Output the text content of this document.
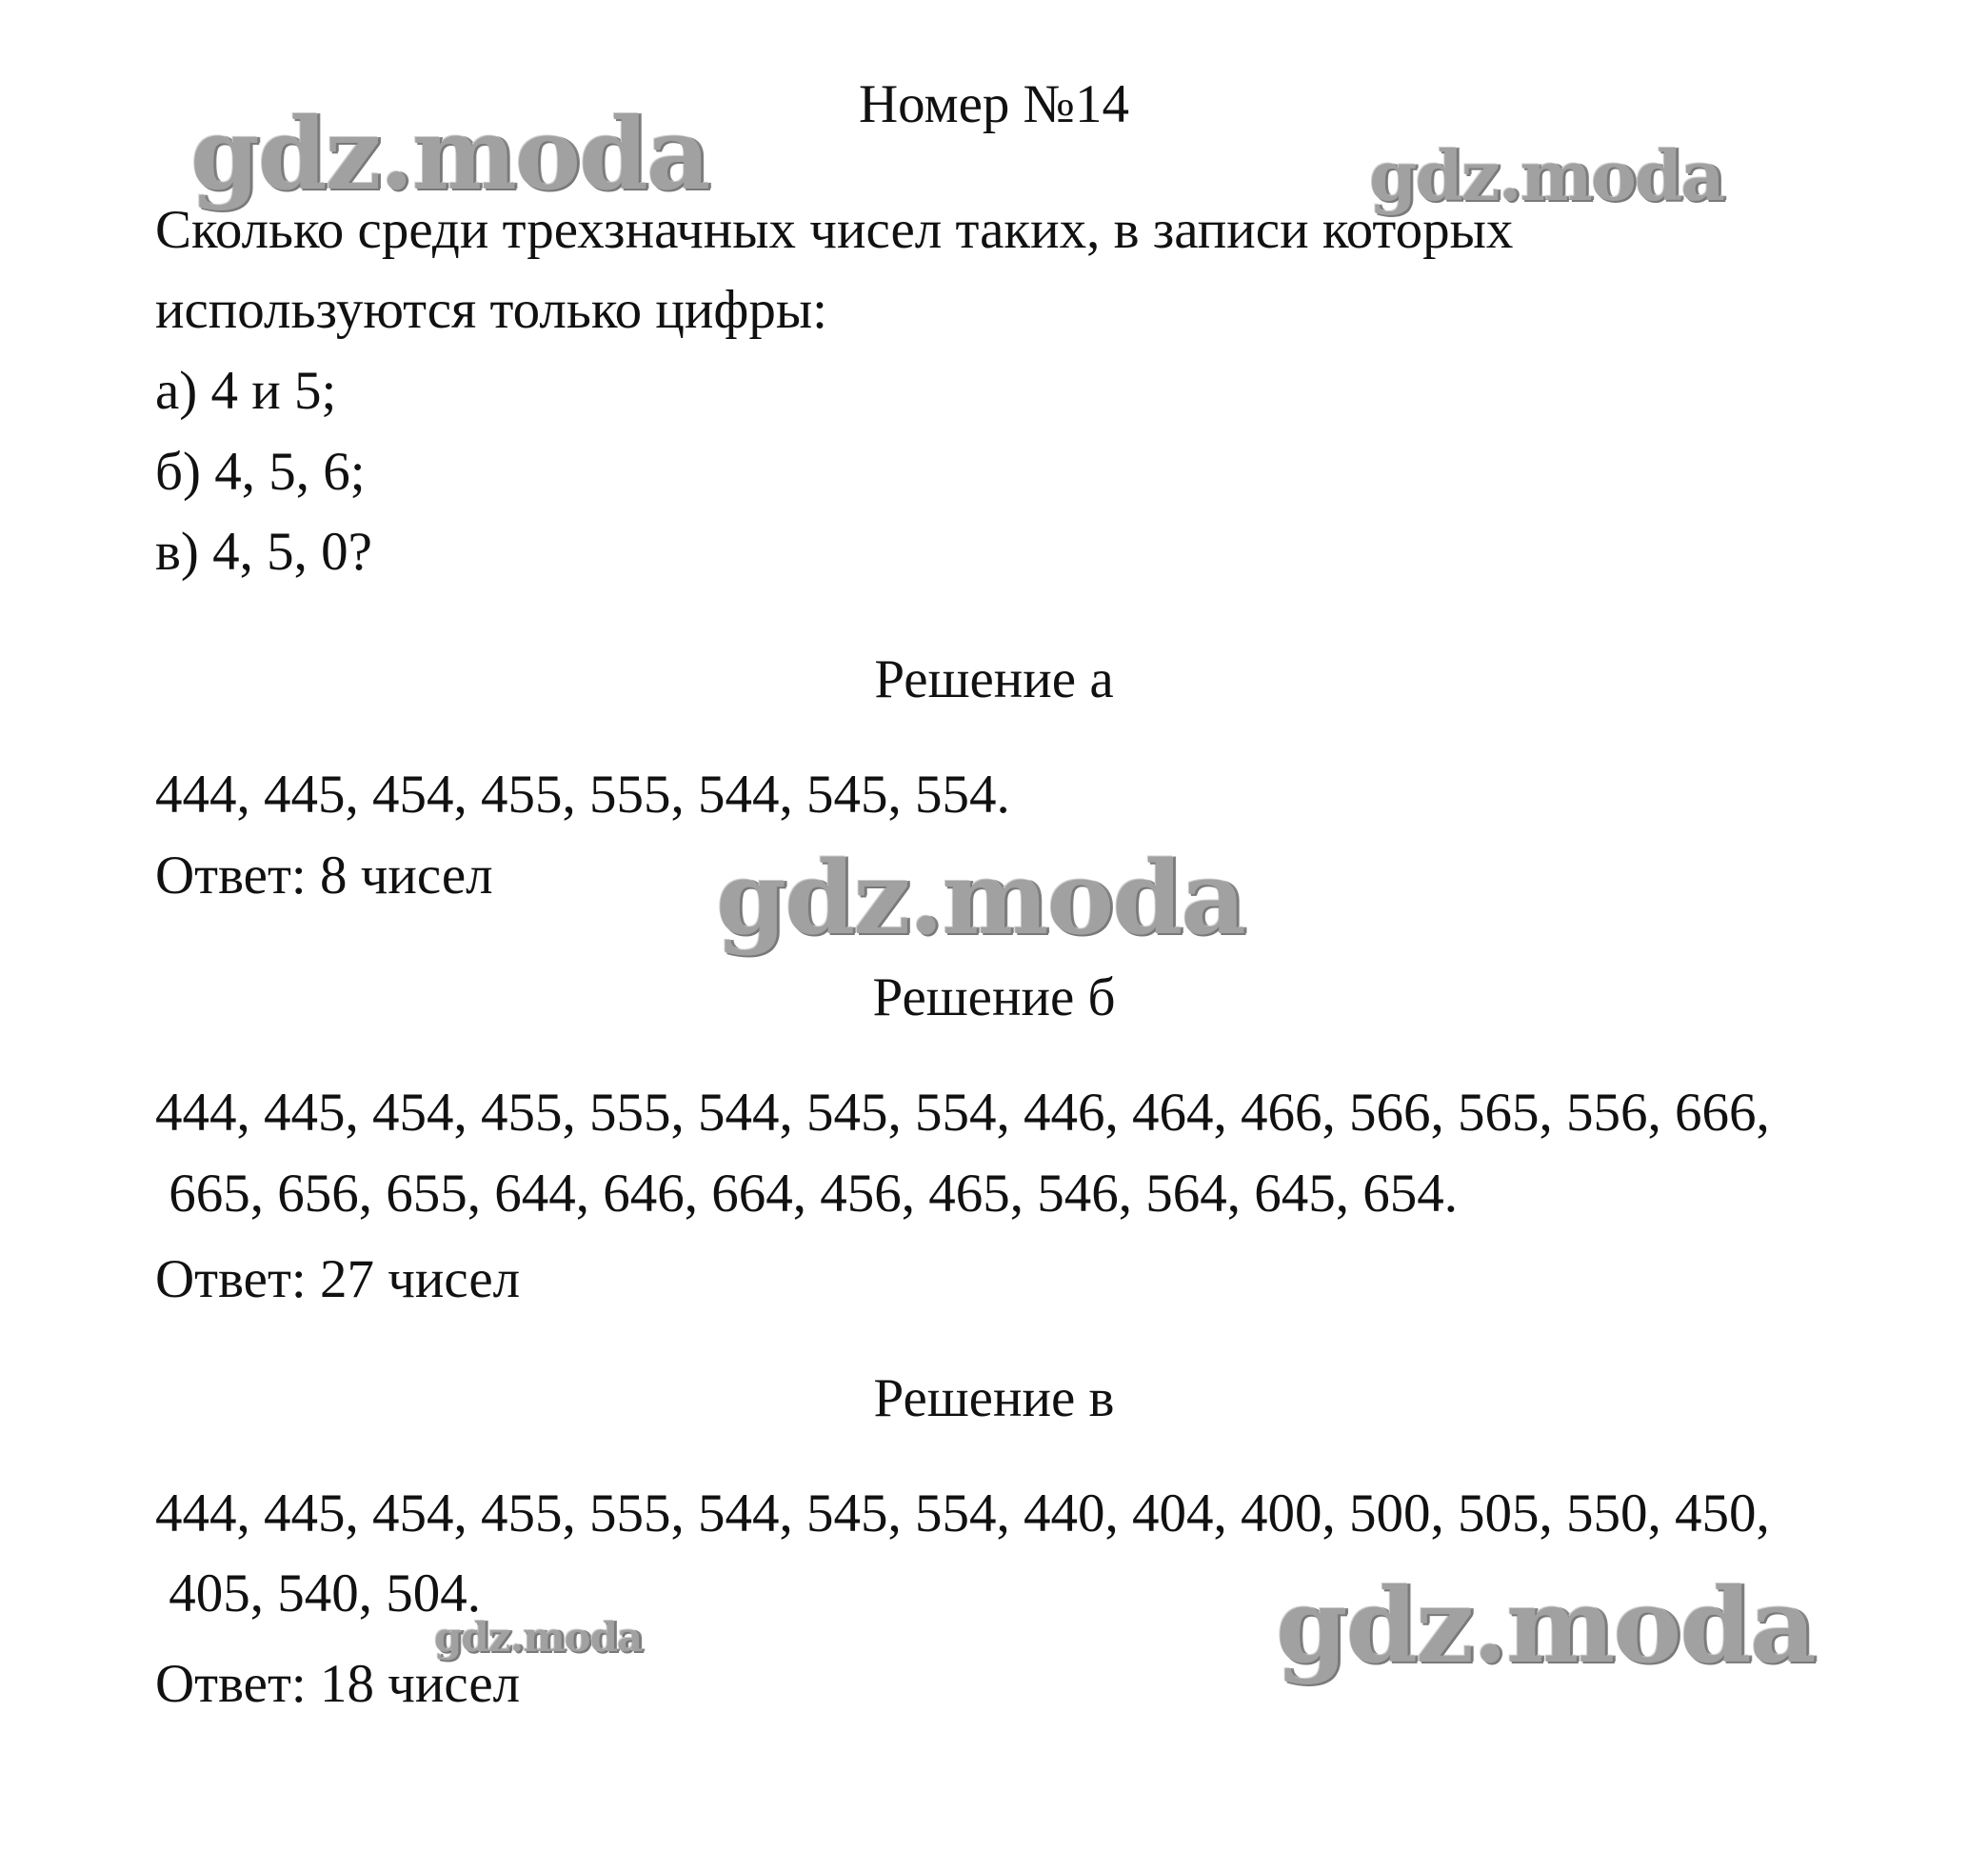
gdz.moda	gdz.moda
gdz.moda
gdz.moda
gdz.moda
Номер №14
Сколько среди трехзначных чисел таких, в записи которых
используются только цифры:
а) 4 и 5;
б) 4, 5, 6;
в) 4, 5, 0?
Решение а
444, 445, 454, 455, 555, 544, 545, 554.
Ответ: 8 чисел
Решение б
444, 445, 454, 455, 555, 544, 545, 554, 446, 464, 466, 566, 565, 556, 666,
665, 656, 655, 644, 646, 664, 456, 465, 546, 564, 645, 654.
Ответ: 27 чисел
Решение в
444, 445, 454, 455, 555, 544, 545, 554, 440, 404, 400, 500, 505, 550, 450,
405, 540, 504.
Ответ: 18 чисел
